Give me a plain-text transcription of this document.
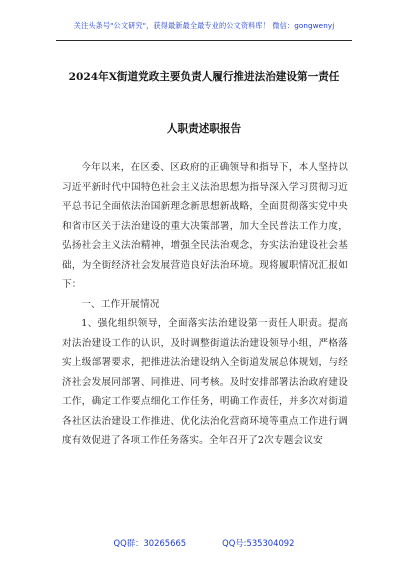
关注头条号"公文研究"，获得最新最全最专业的公文资料库！ 微信：gongwenyj
2024年X街道党政主要负责人履行推进法治建设第一责任
人职责述职报告

今年以来，在区委、区政府的正确领导和指导下，本人坚持以习近平新时代中国特色社会主义法治思想为指导深入学习贯彻习近平总书记全面依法治国新理念新思想新战略，全面贯彻落实党中央和省市区关于法治建设的重大决策部署，加大全民普法工作力度，弘扬社会主义法治精神，增强全民法治观念，夯实法治建设社会基础，为全街经济社会发展营造良好法治环境。现将履职情况汇报如下：

一、工作开展情况

1、强化组织领导，全面落实法治建设第一责任人职责。提高对法治建设工作的认识，及时调整街道法治建设领导小组，严格落实上级部署要求，把推进法治建设纳入全街道发展总体规划，与经济社会发展同部署、同推进、同考核。及时安排部署法治政府建设工作，确定工作要点细化工作任务，明确工作责任，并多次对街道各社区法治建设工作推进、优化法治化营商环境等重点工作进行调度有效促进了各项工作任务落实。全年召开了2次专题会议安

QQ群：30265665	QQ号:535304092
